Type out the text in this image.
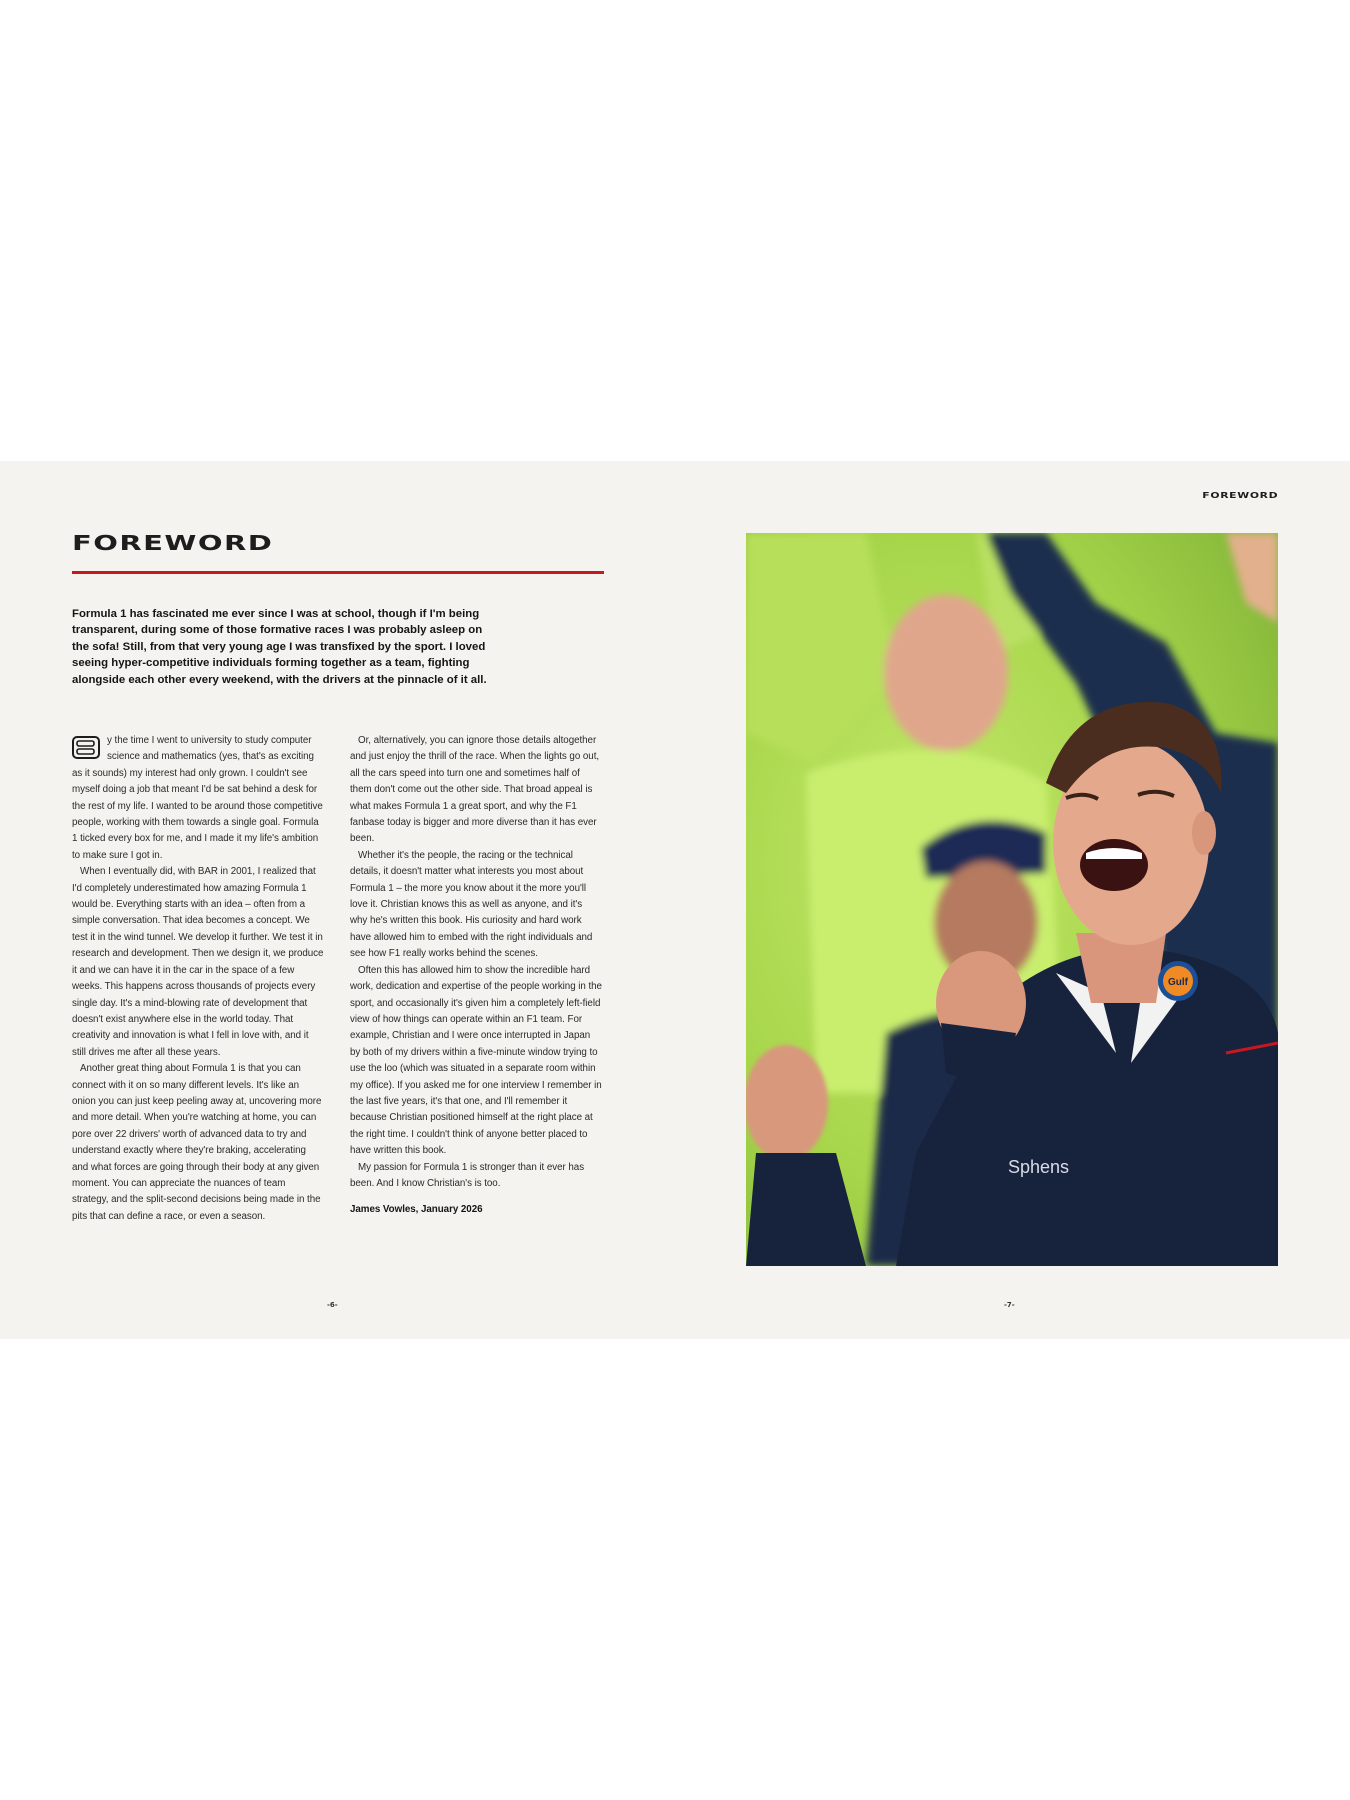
FOREWORD
FOREWORD

Formula 1 has fascinated me ever since I was at school, though if I'm being transparent, during some of those formative races I was probably asleep on the sofa! Still, from that very young age I was transfixed by the sport. I loved seeing hyper-competitive individuals forming together as a team, fighting alongside each other every weekend, with the drivers at the pinnacle of it all.

B	y the time I went to university to study computer science and mathematics (yes, that's as exciting as it sounds) my interest had only grown. I couldn't see myself doing a job that meant I'd be sat behind a desk for the rest of my life. I wanted to be around those competitive people, working with them towards a single goal. Formula 1 ticked every box for me, and I made it my life's ambition to make sure I got in.

When I eventually did, with BAR in 2001, I realized that I'd completely underestimated how amazing Formula 1 would be. Everything starts with an idea – often from a simple conversation. That idea becomes a concept. We test it in the wind tunnel. We develop it further. We test it in research and development. Then we design it, we produce it and we can have it in the car in the space of a few weeks. This happens across thousands of projects every single day. It's a mind-blowing rate of development that doesn't exist anywhere else in the world today. That creativity and innovation is what I fell in love with, and it still drives me after all these years.

Another great thing about Formula 1 is that you can connect with it on so many different levels. It's like an onion you can just keep peeling away at, uncovering more and more detail. When you're watching at home, you can pore over 22 drivers' worth of advanced data to try and understand exactly where they're braking, accelerating and what forces are going through their body at any given moment. You can appreciate the nuances of team strategy, and the split-second decisions being made in the pits that can define a race, or even a season.

Or, alternatively, you can ignore those details altogether and just enjoy the thrill of the race. When the lights go out, all the cars speed into turn one and sometimes half of them don't come out the other side. That broad appeal is what makes Formula 1 a great sport, and why the F1 fanbase today is bigger and more diverse than it has ever been.

Whether it's the people, the racing or the technical details, it doesn't matter what interests you most about Formula 1 – the more you know about it the more you'll love it. Christian knows this as well as anyone, and it's why he's written this book. His curiosity and hard work have allowed him to embed with the right individuals and see how F1 really works behind the scenes.

Often this has allowed him to show the incredible hard work, dedication and expertise of the people working in the sport, and occasionally it's given him a completely left-field view of how things can operate within an F1 team. For example, Christian and I were once interrupted in Japan by both of my drivers within a five-minute window trying to use the loo (which was situated in a separate room within my office). If you asked me for one interview I remember in the last five years, it's that one, and I'll remember it because Christian positioned himself at the right place at the right time. I couldn't think of anyone better placed to have written this book.

My passion for Formula 1 is stronger than it ever has been. And I know Christian's is too.

James Vowles, January 2026

-6-	-7-
Gulf
Sphens
